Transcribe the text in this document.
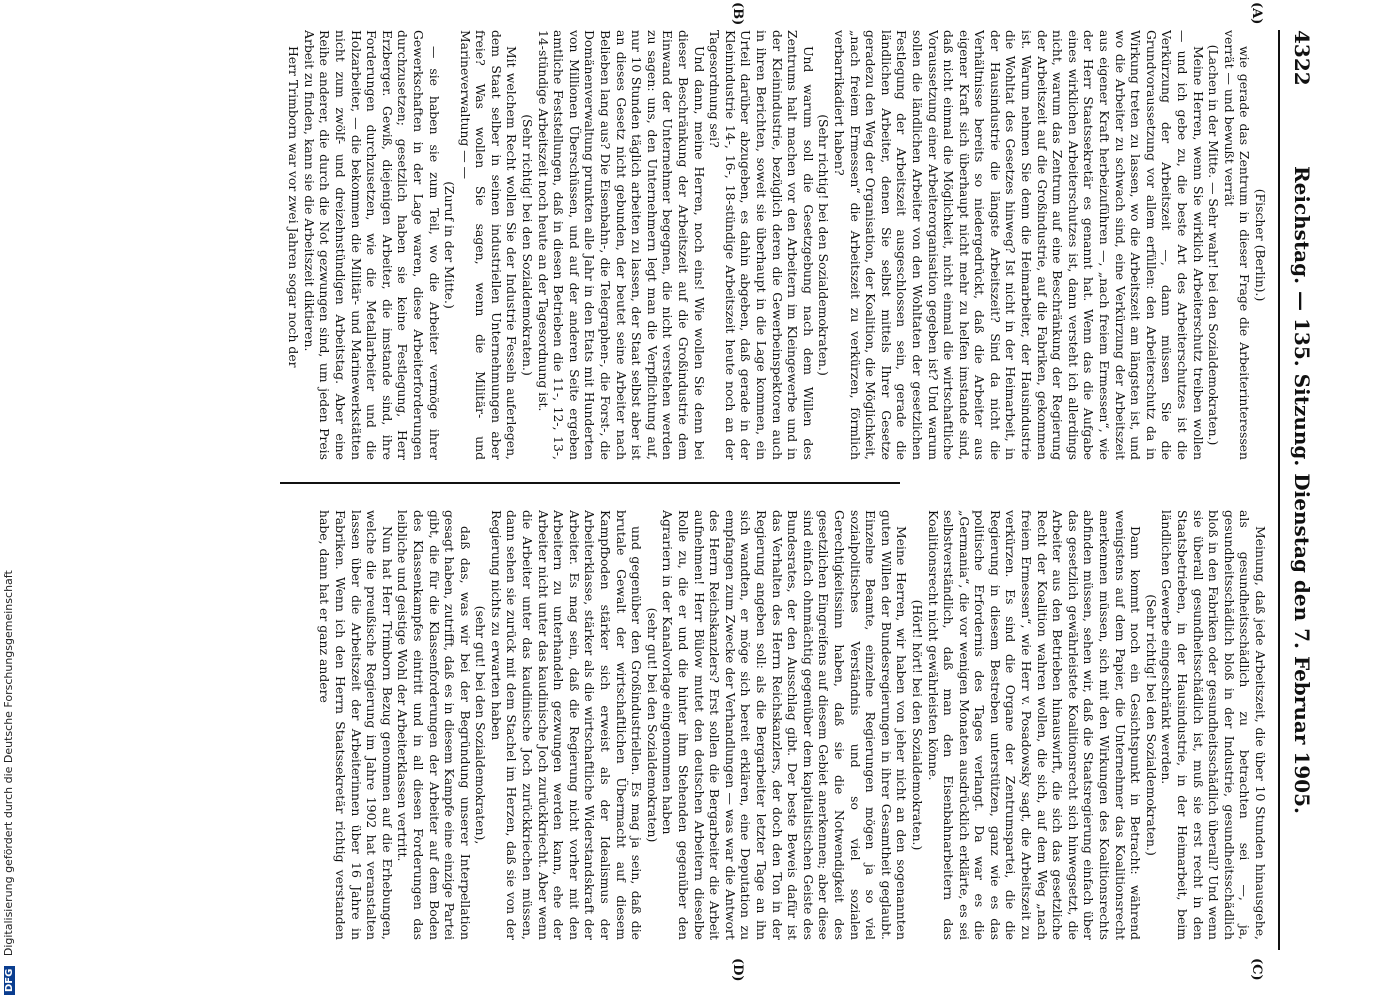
DFG Digitalisierung gefördert durch die Deutsche Forschungsgemeinschaft
4322
Reichstag. — 135. Sitzung. Dienstag den 7. Februar 1905.
(A)
(B)
(C)
(D)

(Fischer (Berlin).)

wie gerade das Zentrum in dieser Frage die Arbeiterinteressen verrät — und bewußt verrät

(Lachen in der Mitte. — Sehr wahr! bei den Sozialdemokraten.)

Meine Herren, wenn Sie wirklich Arbeiterschutz treiben wollen — und ich gebe zu, die beste Art des Arbeiterschutzes ist die Verkürzung der Arbeitszeit —, dann müssen Sie die Grundvoraussetzung vor allem erfüllen: den Arbeiterschutz da in Wirkung treten zu lassen, wo die Arbeitszeit am längsten ist, und wo die Arbeiter zu schwach sind, eine Verkürzung der Arbeitszeit aus eigener Kraft herbeizuführen —, „nach freiem Ermessen“, wie der Herr Staatssekretär es genannt hat. Wenn das die Aufgabe eines wirklichen Arbeiterschutzes ist, dann versteht ich allerdings nicht, warum das Zentrum auf eine Beschränkung der Regierung der Arbeitszeit auf die Großindustrie, auf die Fabriken, gekommen ist. Warum nehmen Sie denn die Heimarbeiter, der Hausindustrie die Wohltat des Gesetzes hinweg? Ist nicht in der Heimarbeit, in der Hausindustrie die längste Arbeitszeit? Sind da nicht die Verhältnisse bereits so niedergedrückt, daß die Arbeiter aus eigener Kraft sich überhaupt nicht mehr zu helfen imstande sind, daß nicht einmal die Möglichkeit, nicht einmal die wirtschaftliche Voraussetzung einer Arbeiterorganisation gegeben ist? Und warum sollen die ländlichen Arbeiter von den Wohltaten der gesetzlichen Festlegung der Arbeitszeit ausgeschlossen sein, gerade die ländlichen Arbeiter, denen Sie selbst mittels Ihrer Gesetze geradezu den Weg der Organisation, der Koalition, die Möglichkeit, „nach freiem Ermessen“ die Arbeitszeit zu verkürzen, förmlich verbarrikadiert haben?

(Sehr richtig! bei den Sozialdemokraten.)

Und warum soll die Gesetzgebung nach dem Willen des Zentrums halt machen vor den Arbeitern im Kleingewerbe und in der Kleinindustrie, bezüglich deren die Gewerbeinspektoren auch in ihren Berichten, soweit sie überhaupt in die Lage kommen, ein Urteil darüber abzugeben, es dahin abgeben, daß gerade in der Kleinindustrie 14-, 16-, 18-stündige Arbeitszeit heute noch an der Tagesordnung sei?

Und dann, meine Herren, noch eins! Wie wollen Sie denn bei dieser Beschränkung der Arbeitszeit auf die Großindustrie dem Einwand der Unternehmer begegnen, die nicht verstehen werden zu sagen: uns, den Unternehmern legt man die Verpflichtung auf, nur 10 Stunden täglich arbeiten zu lassen, der Staat selbst aber ist an dieses Gesetz nicht gebunden, der beutet seine Arbeiter nach Belieben lang aus? Die Eisenbahn-, die Telegraphen-, die Forst-, die Domänenverwaltung prunkten alle Jahr in den Etats mit Hunderten von Millionen Überschüssen, und auf der anderen Seite ergeben amtliche Feststellungen, daß in diesen Betrieben die 11-, 12-, 13-, 14-stündige Arbeitszeit noch heute an der Tagesordnung ist.

(Sehr richtig! bei den Sozialdemokraten.)

Mit welchem Recht wollen Sie der Industrie Fesseln auferlegen, dem Staat selber in seinen industriellen Unternehmungen aber freie? Was wollen Sie sagen, wenn die Militär- und Marineverwaltung — —

(Zuruf in der Mitte.)

— sie haben sie zum Teil, wo die Arbeiter vermöge ihrer Gewerkschaften in der Lage waren, diese Arbeiterforderungen durchzusetzen; gesetzlich haben sie keine Festlegung, Herr Erzberger. Gewiß, diejenigen Arbeiter, die imstande sind, ihre Forderungen durchzusetzen, wie die Metallarbeiter und die Holzarbeiter, — die bekommen die Militär- und Marinewerkstätten nicht zum zwölf- und dreizehnstündigen Arbeitstag. Aber eine Reihe anderer, die durch die Not gezwungen sind, um jeden Preis Arbeit zu finden, kann sie die Arbeitszeit diktieren.

Herr Trimborn war vor zwei Jahren sogar noch der

Meinung, daß jede Arbeitszeit, die über 10 Stunden hinausgehe, als gesundheitsschädlich zu betrachten sei —, ja, gesundheitsschädlich bloß in der Industrie, gesundheitsschädlich bloß in den Fabriken oder gesundheitsschädlich überall? Und wenn sie überall gesundheitsschädlich ist, muß sie erst recht in den Staatsbetrieben, in der Hausindustrie, in der Heimarbeit, beim ländlichen Gewerbe eingeschränkt werden.

(Sehr richtig! bei den Sozialdemokraten.)

Dann kommt noch ein Gesichtspunkt in Betracht: während wenigstens auf dem Papier, die Unternehmer das Koalitionsrecht anerkennen müssen, sich mit den Wirkungen des Koalitionsrechts abfinden müssen, sehen wir, daß die Staatsregierung einfach über das gesetzlich gewährleistete Koalitionsrecht sich hinwegsetzt, die Arbeiter aus den Betrieben hinauswirft, die sich das gesetzliche Recht der Koalition wahren wollen, die sich, auf dem Weg „nach freiem Ermessen“, wie Herr v. Posadowsky sagt, die Arbeitszeit zu verkürzen. Es sind die Organe der Zentrumspartei, die die Regierung in diesem Bestreben unterstützen, ganz wie es das politische Erfordernis des Tages verlangt. Da war es die „Germania“, die vor wenigen Monaten ausdrücklich erklärte, es sei selbstverständlich, daß man den Eisenbahnarbeitern das Koalitionsrecht nicht gewährleisten könne.

(Hört! hört! bei den Sozialdemokraten.)

Meine Herren, wir haben von jeher nicht an den sogenannten guten Willen der Bundesregierungen in ihrer Gesamtheit geglaubt. Einzelne Beamte, einzelne Regierungen mögen ja so viel sozialpolitisches Verständnis und so viel sozialen Gerechtigkeitssinn haben, daß sie die Notwendigkeit des gesetzlichen Eingreifens auf diesem Gebiet anerkennen; aber diese sind einfach ohnmächtig gegenüber dem kapitalistischen Geiste des Bundesrates, der den Ausschlag gibt. Der beste Beweis dafür ist das Verhalten des Herrn Reichskanzlers, der doch den Ton in der Regierung angeben soll: als die Bergarbeiter letzter Tage an ihn sich wandten, er möge sich bereit erklären, eine Deputation zu empfangen zum Zwecke der Verhandlungen — was war die Antwort des Herrn Reichskanzlers? Erst sollen die Bergarbeiter die Arbeit aufnehmen! Herr Bülow mutet den deutschen Arbeitern dieselbe Rolle zu, die er und die hinter ihm Stehenden gegenüber den Agrariern in der Kanalvorlage eingenommen haben

(sehr gut! bei den Sozialdemokraten)

und gegenüber den Großindustriellen. Es mag ja sein, daß die brutale Gewalt der wirtschaftlichen Übermacht auf diesem Kampfboden stärker sich erweist als der Idealismus der Arbeiterklasse, stärker als die wirtschaftliche Widerstandskraft der Arbeiter. Es mag sein, daß die Regierung nicht vorher mit den Arbeitern zu unterhandeln gezwungen werden kann, ehe der Arbeiter nicht unter das kaudinische Joch zurückkriecht. Aber wenn die Arbeiter unter das kaudinische Joch zurückkriechen müssen, dann sehen sie zurück mit dem Stachel im Herzen, daß sie von der Regierung nichts zu erwarten haben

(sehr gut! bei den Sozialdemokraten),

daß das, was wir bei der Begründung unserer Interpellation gesagt haben, zutrifft, daß es in diesem Kampfe eine einzige Partei gibt, die für die Klassenforderungen der Arbeiter auf dem Boden des Klassenkampfes eintritt und in all diesen Forderungen das leibliche und geistige Wohl der Arbeiterklassen vertritt.

Nun hat Herr Trimborn Bezug genommen auf die Erhebungen, welche die preußische Regierung im Jahre 1902 hat veranstalten lassen über die Arbeitszeit der Arbeiterinnen über 16 Jahre in Fabriken. Wenn ich den Herrn Staatssekretär richtig verstanden habe, dann hat er ganz andere
